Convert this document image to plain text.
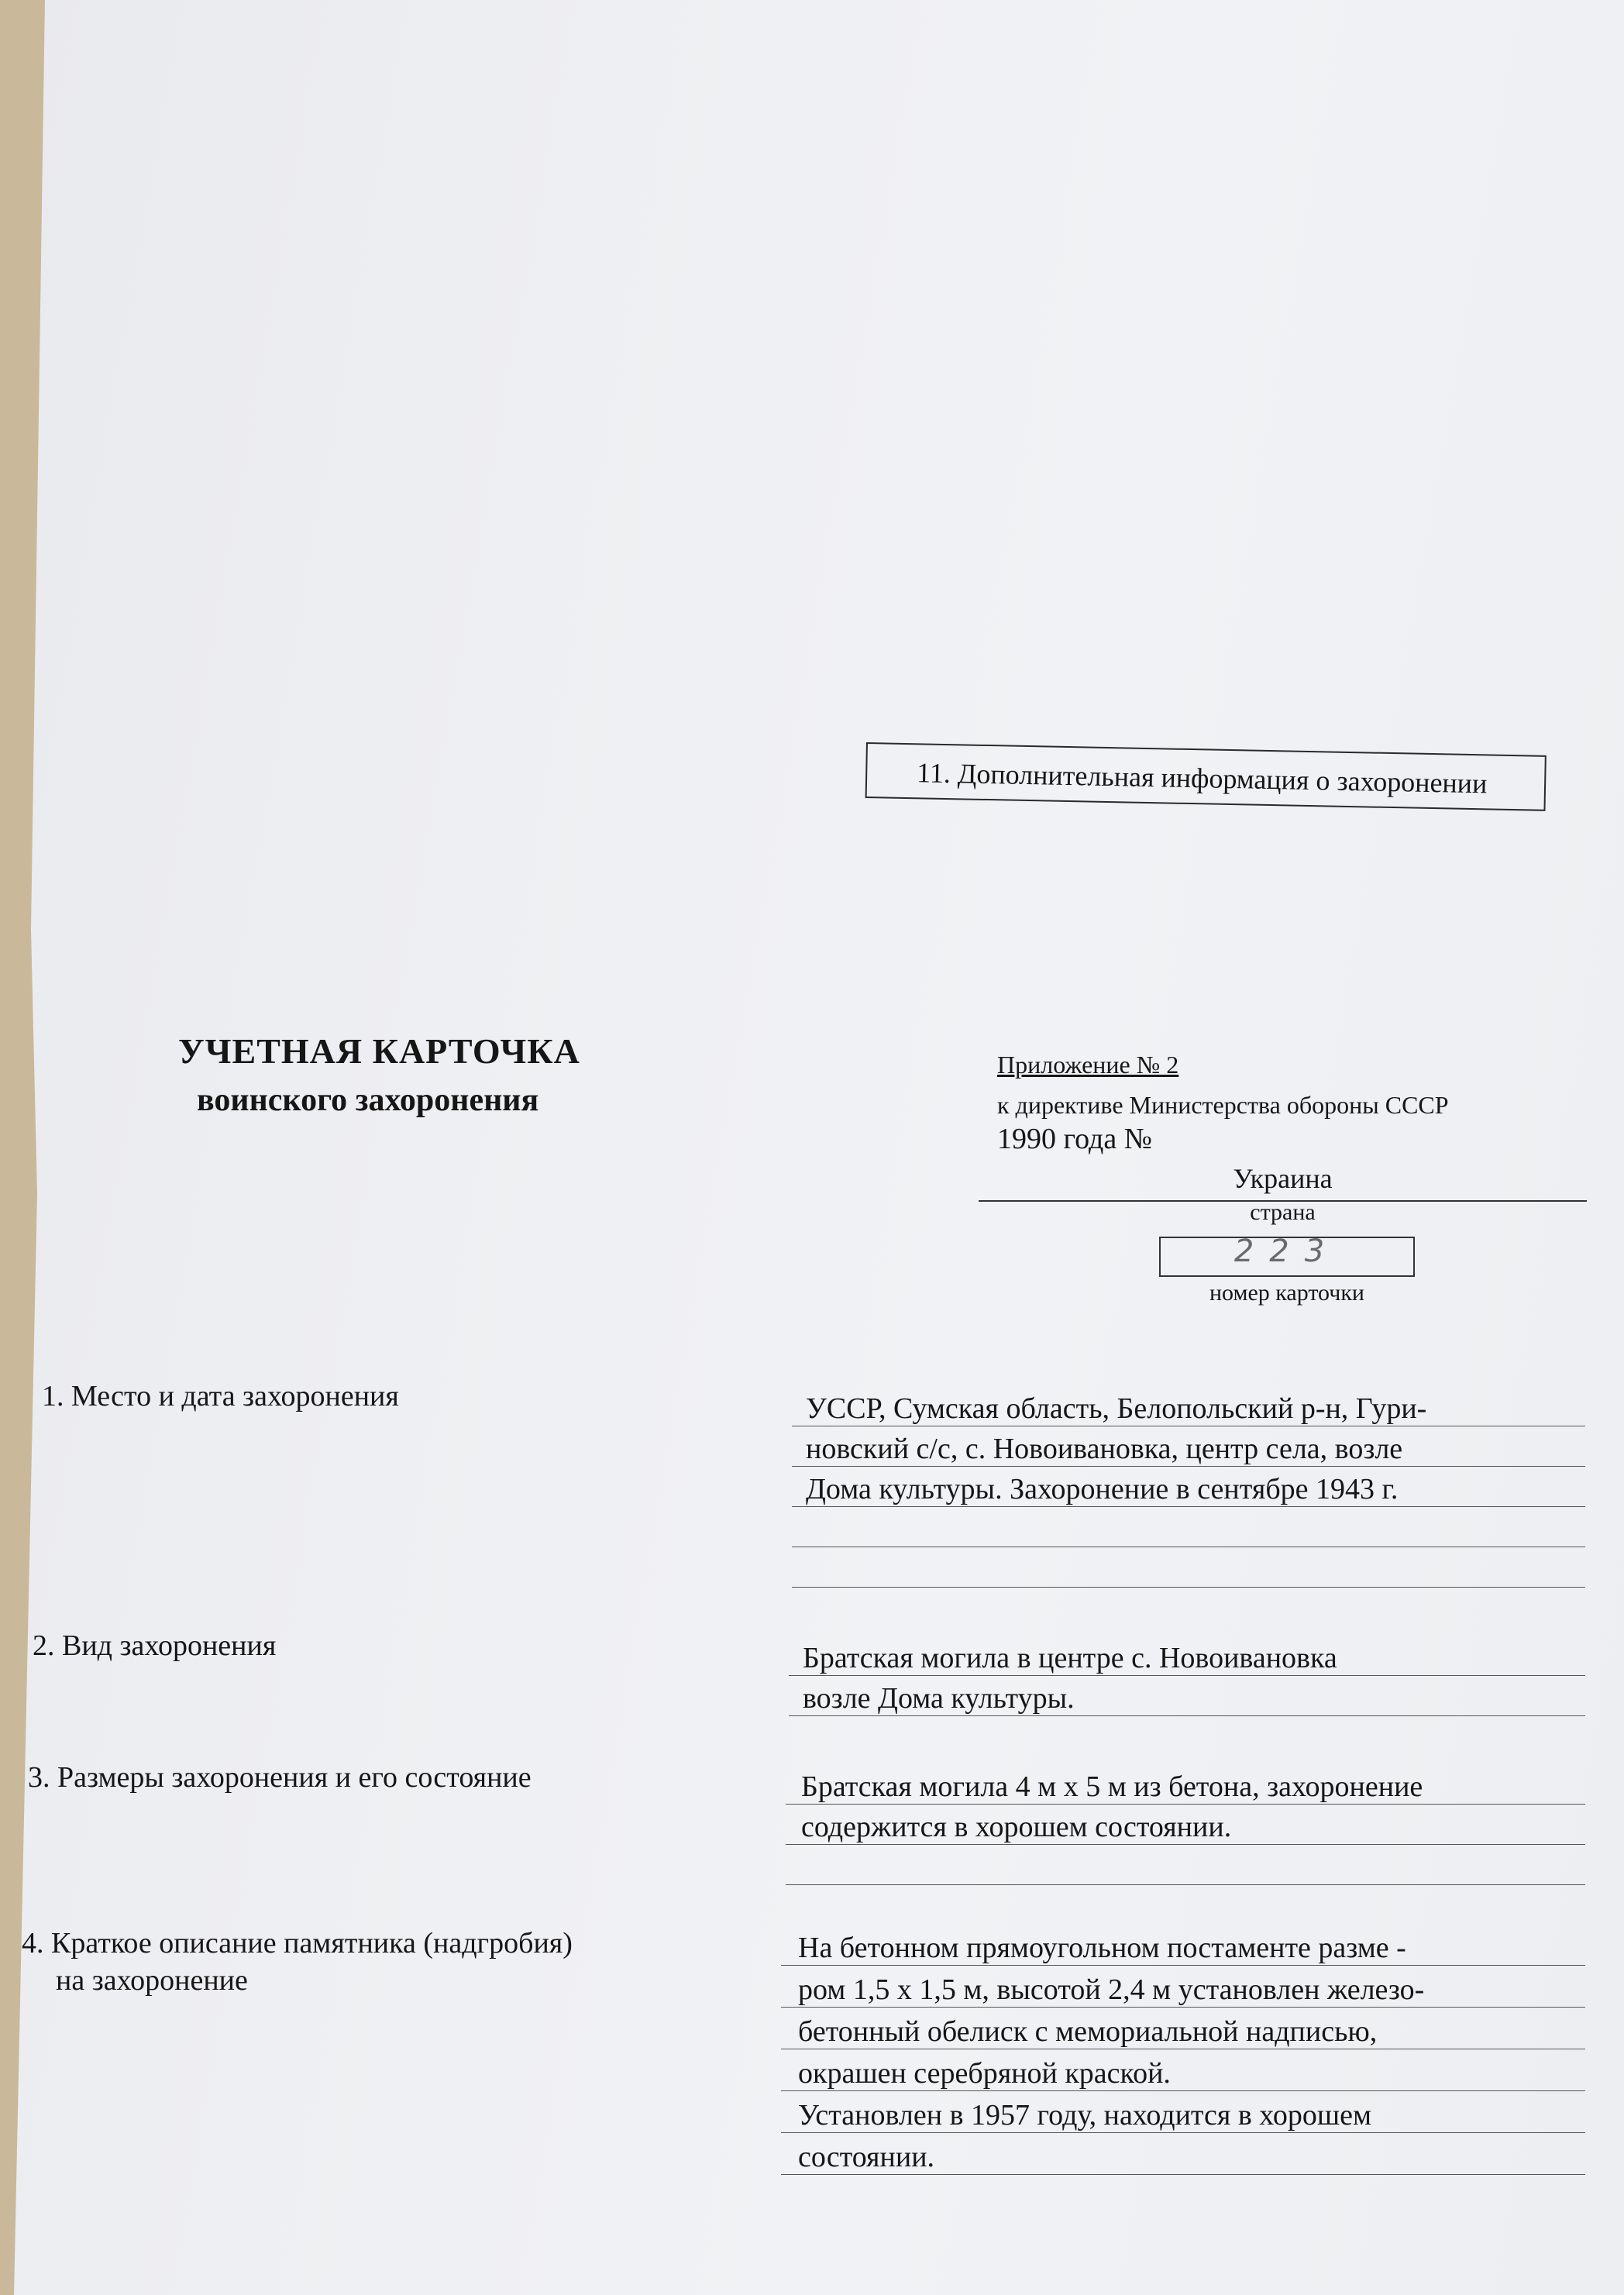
11. Дополнительная информация о захоронении
УЧЕТНАЯ КАРТОЧКА
воинского захоронения
Приложение № 2
к директиве Министерства обороны СССР
1990 года №
Украина
страна
223
номер карточки
1. Место и дата захоронения	УССР, Сумская область, Белопольский р-н, Гури-
новский с/с, с. Новоивановка, центр села, возле
Дома культуры. Захоронение в сентябре 1943 г.
2. Вид захоронения	Братская могила в центре с. Новоивановка
возле Дома культуры.
3. Размеры захоронения и его состояние	Братская могила 4 м х 5 м из бетона, захоронение
содержится в хорошем состоянии.
4. Краткое описание памятника (надгробия)
на захоронение
На бетонном прямоугольном постаменте разме -
ром 1,5 х 1,5 м, высотой 2,4 м установлен железо-
бетонный обелиск с мемориальной надписью,
окрашен серебряной краской.
Установлен в 1957 году, находится в хорошем
состоянии.
